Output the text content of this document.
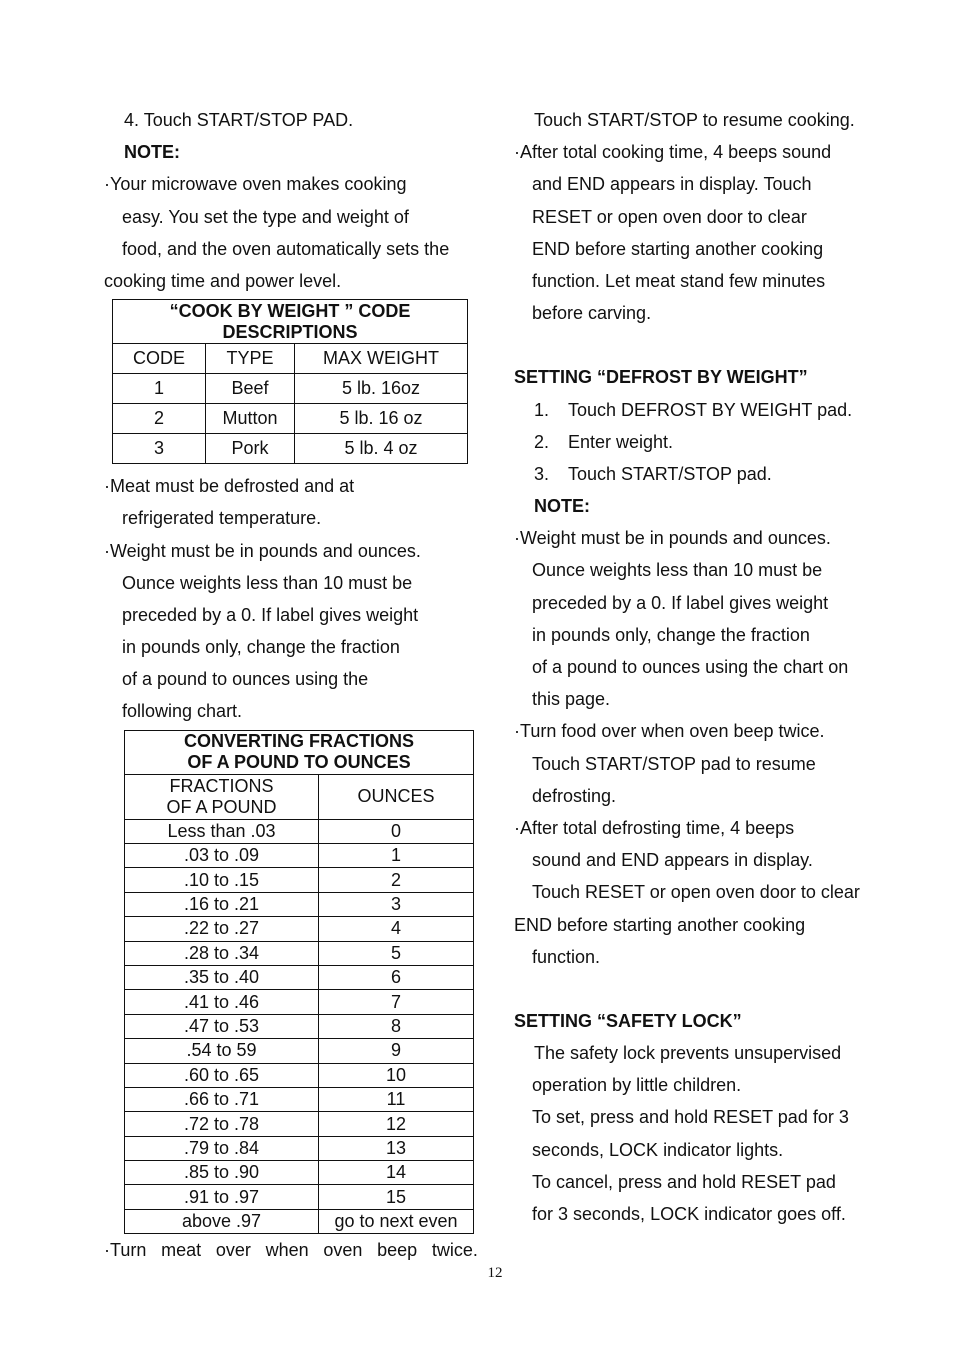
4. Touch START/STOP PAD.
NOTE:
·Your microwave oven makes cooking
easy. You set the type and weight of
food, and the oven automatically sets the
cooking time and power level.
“COOK BY WEIGHT ” CODE DESCRIPTIONS		
CODE	TYPE	MAX WEIGHT
1	Beef	5 lb. 16oz
2	Mutton	5 lb. 16 oz
3	Pork	5 lb. 4 oz
·Meat must be defrosted and at
refrigerated temperature.
·Weight must be in pounds and ounces.
Ounce weights less than 10 must be
preceded by a 0. If label gives weight
in pounds only, change the fraction
of a pound to ounces using the
following chart.
CONVERTING FRACTIONS
OF A POUND TO OUNCES	

FRACTIONS
OF A POUND	OUNCES
Less than .03	0
.03 to .09	1
.10 to .15	2
.16 to .21	3
.22 to .27	4
.28 to .34	5
.35 to .40	6
.41 to .46	7
.47 to .53	8
.54 to 59	9
.60 to .65	10
.66 to .71	11
.72 to .78	12
.79 to .84	13
.85 to .90	14
.91 to .97	15
above .97	go to next even
·Turn meat over when oven beep twice.
Touch START/STOP to resume cooking.
·After total cooking time, 4 beeps sound
and END appears in display. Touch
RESET or open oven door to clear
END before starting another cooking
function. Let meat stand few minutes
before carving.
SETTING “DEFROST BY WEIGHT”
1. Touch DEFROST BY WEIGHT pad.
2. Enter weight.
3. Touch START/STOP pad.
NOTE:
·Weight must be in pounds and ounces.
Ounce weights less than 10 must be
preceded by a 0. If label gives weight
in pounds only, change the fraction
of a pound to ounces using the chart on
this page.
·Turn food over when oven beep twice.
Touch START/STOP pad to resume
defrosting.
·After total defrosting time, 4 beeps
sound and END appears in display.
Touch RESET or open oven door to clear
END before starting another cooking
function.
SETTING “SAFETY LOCK”
The safety lock prevents unsupervised
operation by little children.
To set, press and hold RESET pad for 3
seconds, LOCK indicator lights.
To cancel, press and hold RESET pad
for 3 seconds, LOCK indicator goes off.
12
